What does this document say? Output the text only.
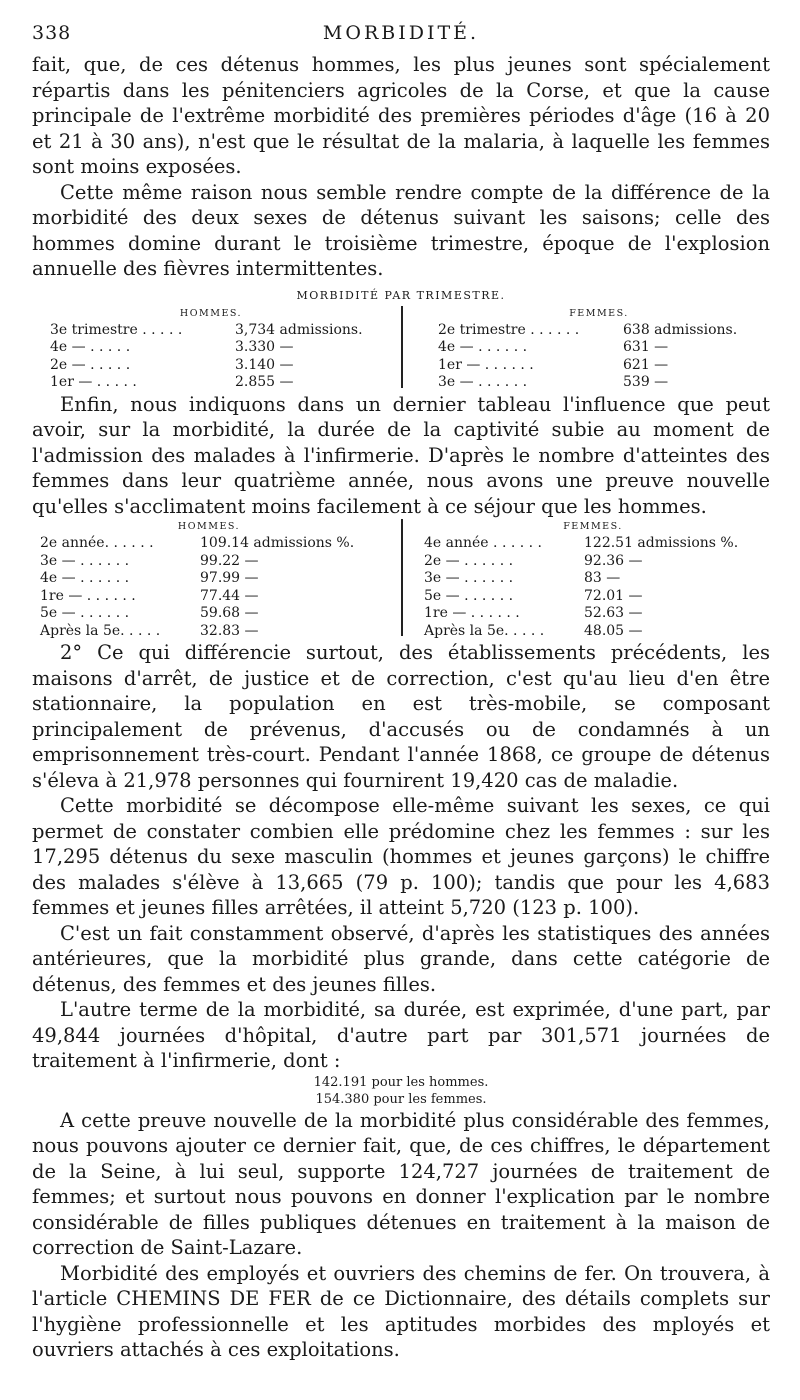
338	MORBIDITÉ.

fait, que, de ces détenus hommes, les plus jeunes sont spécialement répartis dans les pénitenciers agricoles de la Corse, et que la cause principale de l'extrême morbidité des premières périodes d'âge (16 à 20 et 21 à 30 ans), n'est que le résultat de la malaria, à laquelle les femmes sont moins exposées.

Cette même raison nous semble rendre compte de la différence de la morbidité des deux sexes de détenus suivant les saisons; celle des hommes domine durant le troisième trimestre, époque de l'explosion annuelle des fièvres intermittentes.

MORBIDITÉ PAR TRIMESTRE.
HOMMES.
3e trimestre . . . . .	3,734 admissions.
4e — . . . . .	3.330 —
2e — . . . . .	3.140 —
1er — . . . . .	2.855 —
FEMMES.
2e trimestre . . . . . .	638 admissions.
4e — . . . . . .	631 —
1er — . . . . . .	621 —
3e — . . . . . .	539 —

Enfin, nous indiquons dans un dernier tableau l'influence que peut avoir, sur la morbidité, la durée de la captivité subie au moment de l'admission des malades à l'infirmerie. D'après le nombre d'atteintes des femmes dans leur quatrième année, nous avons une preuve nouvelle qu'elles s'acclimatent moins facilement à ce séjour que les hommes.

HOMMES.
2e année. . . . . .	109.14 admissions %.
3e — . . . . . .	99.22 —
4e — . . . . . .	97.99 —
1re — . . . . . .	77.44 —
5e — . . . . . .	59.68 —
Après la 5e. . . . .	32.83 —
FEMMES.
4e année . . . . . .	122.51 admissions %.
2e — . . . . . .	92.36 —
3e — . . . . . .	83 —
5e — . . . . . .	72.01 —
1re — . . . . . .	52.63 —
Après la 5e. . . . .	48.05 —

2° Ce qui différencie surtout, des établissements précédents, les maisons d'arrêt, de justice et de correction, c'est qu'au lieu d'en être stationnaire, la population en est très-mobile, se composant principalement de prévenus, d'accusés ou de condamnés à un emprisonnement très-court. Pendant l'année 1868, ce groupe de détenus s'éleva à 21,978 personnes qui fournirent 19,420 cas de maladie.

Cette morbidité se décompose elle-même suivant les sexes, ce qui permet de constater combien elle prédomine chez les femmes : sur les 17,295 détenus du sexe masculin (hommes et jeunes garçons) le chiffre des malades s'élève à 13,665 (79 p. 100); tandis que pour les 4,683 femmes et jeunes filles arrêtées, il atteint 5,720 (123 p. 100).

C'est un fait constamment observé, d'après les statistiques des années antérieures, que la morbidité plus grande, dans cette catégorie de détenus, des femmes et des jeunes filles.

L'autre terme de la morbidité, sa durée, est exprimée, d'une part, par 49,844 journées d'hôpital, d'autre part par 301,571 journées de traitement à l'infirmerie, dont :

142.191 pour les hommes.
154.380 pour les femmes.

A cette preuve nouvelle de la morbidité plus considérable des femmes, nous pouvons ajouter ce dernier fait, que, de ces chiffres, le département de la Seine, à lui seul, supporte 124,727 journées de traitement de femmes; et surtout nous pouvons en donner l'explication par le nombre considérable de filles publiques détenues en traitement à la maison de correction de Saint-Lazare.

Morbidité des employés et ouvriers des chemins de fer. On trouvera, à l'article CHEMINS DE FER de ce Dictionnaire, des détails complets sur l'hygiène professionnelle et les aptitudes morbides des mployés et ouvriers attachés à ces exploitations.
